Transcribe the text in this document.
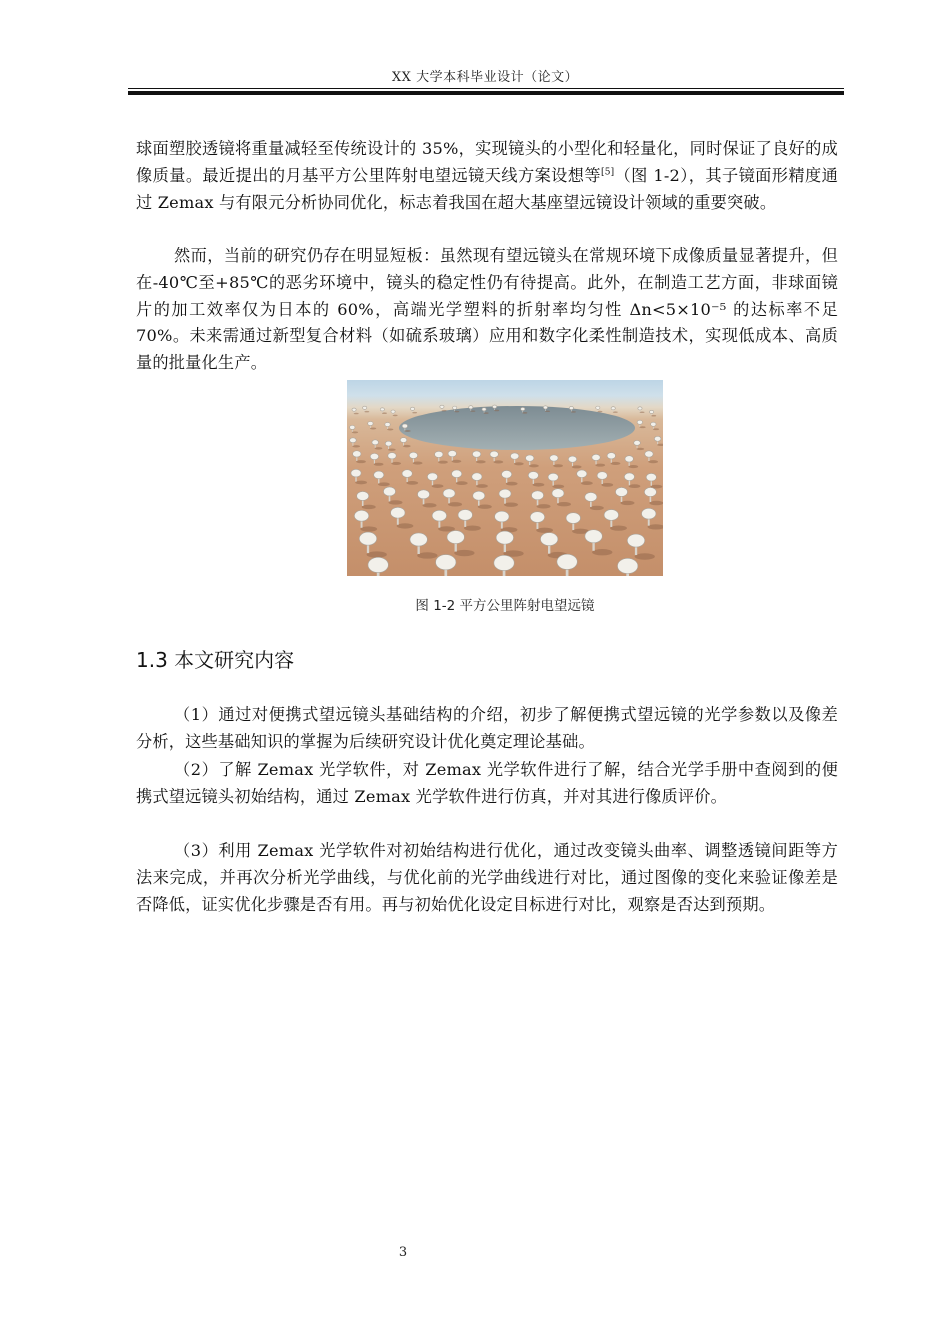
XX 大学本科毕业设计（论文）

球面塑胶透镜将重量减轻至传统设计的 35%，实现镜头的小型化和轻量化，同时保证了良好的成像质量。最近提出的月基平方公里阵射电望远镜天线方案设想等[5]（图 1-2），其子镜面形精度通过 Zemax 与有限元分析协同优化，标志着我国在超大基座望远镜设计领域的重要突破。

然而，当前的研究仍存在明显短板：虽然现有望远镜头在常规环境下成像质量显著提升，但在-40℃至+85℃的恶劣环境中，镜头的稳定性仍有待提高。此外，在制造工艺方面，非球面镜片的加工效率仅为日本的 60%，高端光学塑料的折射率均匀性 Δn<5×10⁻⁵ 的达标率不足 70%。未来需通过新型复合材料（如硫系玻璃）应用和数字化柔性制造技术，实现低成本、高质量的批量化生产。

图 1-2 平方公里阵射电望远镜
1.3 本文研究内容

（1）通过对便携式望远镜头基础结构的介绍，初步了解便携式望远镜的光学参数以及像差分析，这些基础知识的掌握为后续研究设计优化奠定理论基础。

（2）了解 Zemax 光学软件，对 Zemax 光学软件进行了解，结合光学手册中查阅到的便携式望远镜头初始结构，通过 Zemax 光学软件进行仿真，并对其进行像质评价。

（3）利用 Zemax 光学软件对初始结构进行优化，通过改变镜头曲率、调整透镜间距等方法来完成，并再次分析光学曲线，与优化前的光学曲线进行对比，通过图像的变化来验证像差是否降低，证实优化步骤是否有用。再与初始优化设定目标进行对比，观察是否达到预期。

3
